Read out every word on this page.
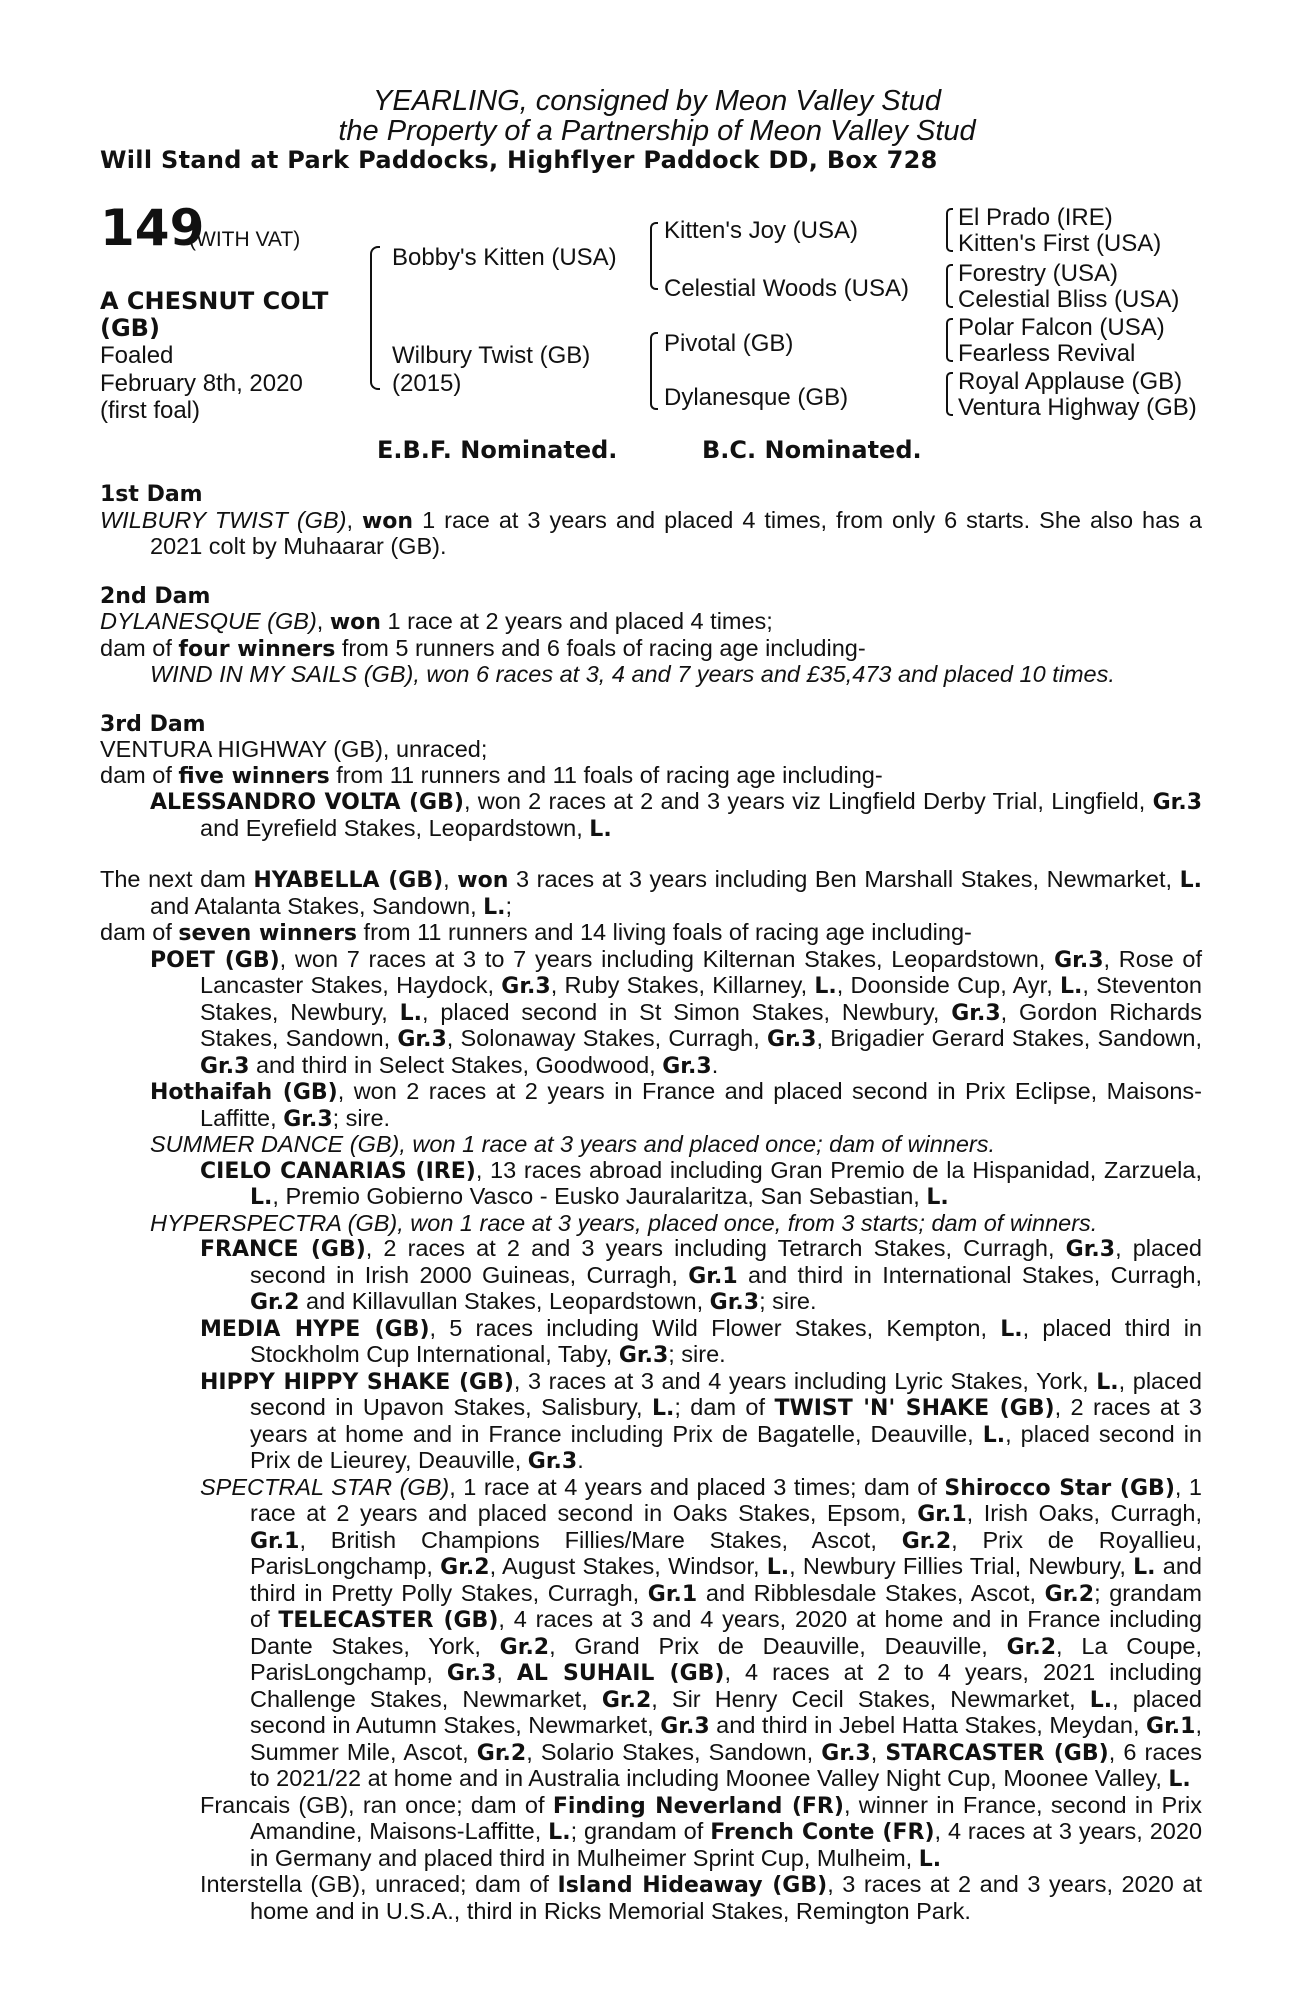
YEARLING, consigned by Meon Valley Stud
the Property of a Partnership of Meon Valley Stud
Will Stand at Park Paddocks, Highflyer Paddock DD, Box 728
149
(WITH VAT)
A CHESNUT COLT
(GB)
Foaled
February 8th, 2020
(first foal)
Bobby's Kitten (USA)
Wilbury Twist (GB)
(2015)
Kitten's Joy (USA)
Celestial Woods (USA)
Pivotal (GB)
Dylanesque (GB)
El Prado (IRE)
Kitten's First (USA)
Forestry (USA)
Celestial Bliss (USA)
Polar Falcon (USA)
Fearless Revival
Royal Applause (GB)
Ventura Highway (GB)
E.B.F. Nominated.	B.C. Nominated.

1st Dam

WILBURY TWIST (GB), won 1 race at 3 years and placed 4 times, from only 6 starts. She also has a 2021 colt by Muhaarar (GB).

2nd Dam

DYLANESQUE (GB), won 1 race at 2 years and placed 4 times;

dam of four winners from 5 runners and 6 foals of racing age including-

WIND IN MY SAILS (GB), won 6 races at 3, 4 and 7 years and £35,473 and placed 10 times.

3rd Dam

VENTURA HIGHWAY (GB), unraced;

dam of five winners from 11 runners and 11 foals of racing age including-

ALESSANDRO VOLTA (GB), won 2 races at 2 and 3 years viz Lingfield Derby Trial, Lingfield, Gr.3 and Eyrefield Stakes, Leopardstown, L.

The next dam HYABELLA (GB), won 3 races at 3 years including Ben Marshall Stakes, Newmarket, L. and Atalanta Stakes, Sandown, L.;

dam of seven winners from 11 runners and 14 living foals of racing age including-

POET (GB), won 7 races at 3 to 7 years including Kilternan Stakes, Leopardstown, Gr.3, Rose of Lancaster Stakes, Haydock, Gr.3, Ruby Stakes, Killarney, L., Doonside Cup, Ayr, L., Steventon Stakes, Newbury, L., placed second in St Simon Stakes, Newbury, Gr.3, Gordon Richards Stakes, Sandown, Gr.3, Solonaway Stakes, Curragh, Gr.3, Brigadier Gerard Stakes, Sandown, Gr.3 and third in Select Stakes, Goodwood, Gr.3.

Hothaifah (GB), won 2 races at 2 years in France and placed second in Prix Eclipse, Maisons-Laffitte, Gr.3; sire.

SUMMER DANCE (GB), won 1 race at 3 years and placed once; dam of winners.

CIELO CANARIAS (IRE), 13 races abroad including Gran Premio de la Hispanidad, Zarzuela, L., Premio Gobierno Vasco - Eusko Jauralaritza, San Sebastian, L.

HYPERSPECTRA (GB), won 1 race at 3 years, placed once, from 3 starts; dam of winners.

FRANCE (GB), 2 races at 2 and 3 years including Tetrarch Stakes, Curragh, Gr.3, placed second in Irish 2000 Guineas, Curragh, Gr.1 and third in International Stakes, Curragh, Gr.2 and Killavullan Stakes, Leopardstown, Gr.3; sire.

MEDIA HYPE (GB), 5 races including Wild Flower Stakes, Kempton, L., placed third in Stockholm Cup International, Taby, Gr.3; sire.

HIPPY HIPPY SHAKE (GB), 3 races at 3 and 4 years including Lyric Stakes, York, L., placed second in Upavon Stakes, Salisbury, L.; dam of TWIST 'N' SHAKE (GB), 2 races at 3 years at home and in France including Prix de Bagatelle, Deauville, L., placed second in Prix de Lieurey, Deauville, Gr.3.

SPECTRAL STAR (GB), 1 race at 4 years and placed 3 times; dam of Shirocco Star (GB), 1 race at 2 years and placed second in Oaks Stakes, Epsom, Gr.1, Irish Oaks, Curragh, Gr.1, British Champions Fillies/Mare Stakes, Ascot, Gr.2, Prix de Royallieu, ParisLongchamp, Gr.2, August Stakes, Windsor, L., Newbury Fillies Trial, Newbury, L. and third in Pretty Polly Stakes, Curragh, Gr.1 and Ribblesdale Stakes, Ascot, Gr.2; grandam of TELECASTER (GB), 4 races at 3 and 4 years, 2020 at home and in France including Dante Stakes, York, Gr.2, Grand Prix de Deauville, Deauville, Gr.2, La Coupe, ParisLongchamp, Gr.3, AL SUHAIL (GB), 4 races at 2 to 4 years, 2021 including Challenge Stakes, Newmarket, Gr.2, Sir Henry Cecil Stakes, Newmarket, L., placed second in Autumn Stakes, Newmarket, Gr.3 and third in Jebel Hatta Stakes, Meydan, Gr.1, Summer Mile, Ascot, Gr.2, Solario Stakes, Sandown, Gr.3, STARCASTER (GB), 6 races to 2021/22 at home and in Australia including Moonee Valley Night Cup, Moonee Valley, L.

Francais (GB), ran once; dam of Finding Neverland (FR), winner in France, second in Prix Amandine, Maisons-Laffitte, L.; grandam of French Conte (FR), 4 races at 3 years, 2020 in Germany and placed third in Mulheimer Sprint Cup, Mulheim, L.

Interstella (GB), unraced; dam of Island Hideaway (GB), 3 races at 2 and 3 years, 2020 at home and in U.S.A., third in Ricks Memorial Stakes, Remington Park.
